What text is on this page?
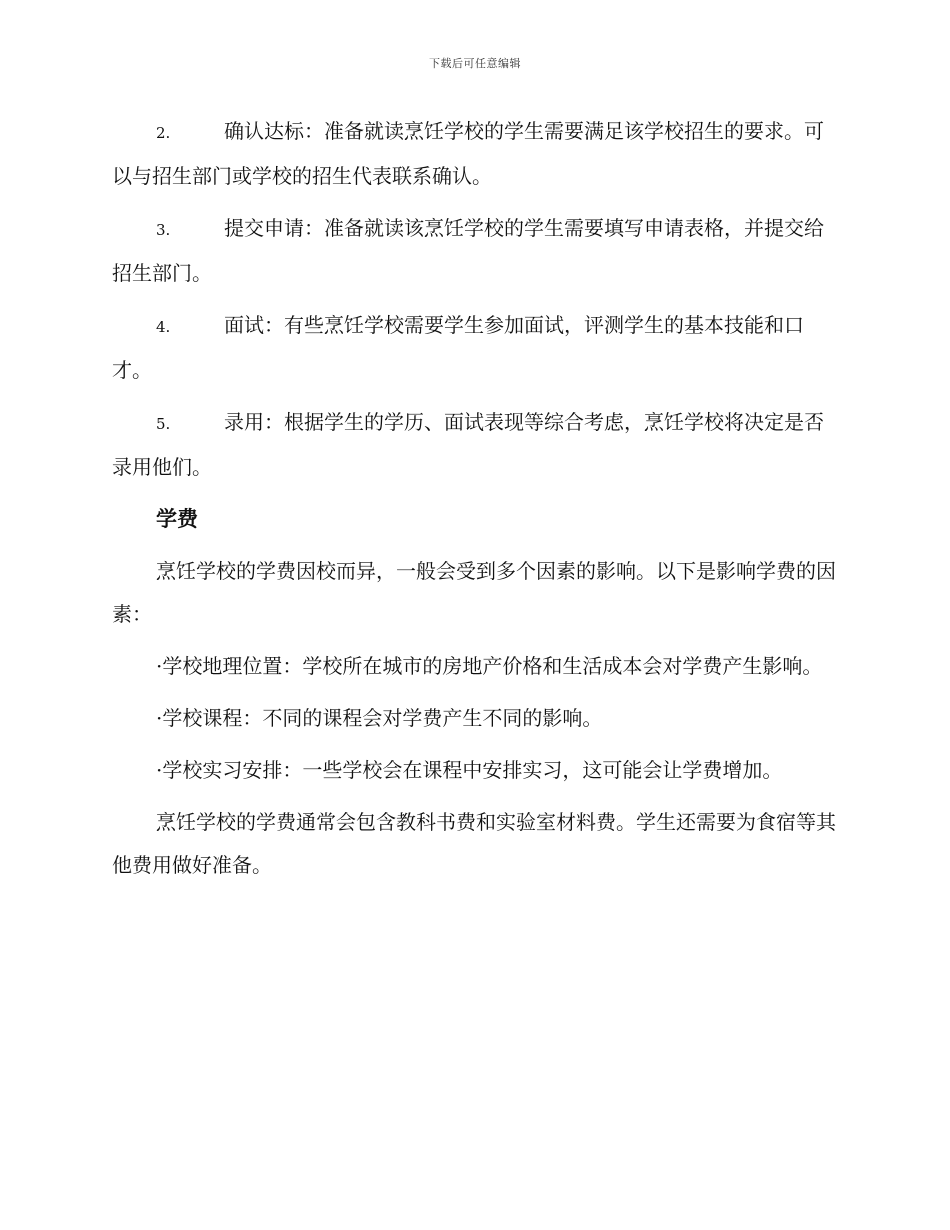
下载后可任意编辑

2.	确认达标：准备就读烹饪学校的学生需要满足该学校招生的要求。可以与招生部门或学校的招生代表联系确认。

3.	提交申请：准备就读该烹饪学校的学生需要填写申请表格，并提交给招生部门。

4.	面试：有些烹饪学校需要学生参加面试，评测学生的基本技能和口才。

5.	录用：根据学生的学历、面试表现等综合考虑，烹饪学校将决定是否录用他们。

学费

烹饪学校的学费因校而异，一般会受到多个因素的影响。以下是影响学费的因素：

·学校地理位置：学校所在城市的房地产价格和生活成本会对学费产生影响。

·学校课程：不同的课程会对学费产生不同的影响。

·学校实习安排：一些学校会在课程中安排实习，这可能会让学费增加。

烹饪学校的学费通常会包含教科书费和实验室材料费。学生还需要为食宿等其他费用做好准备。
